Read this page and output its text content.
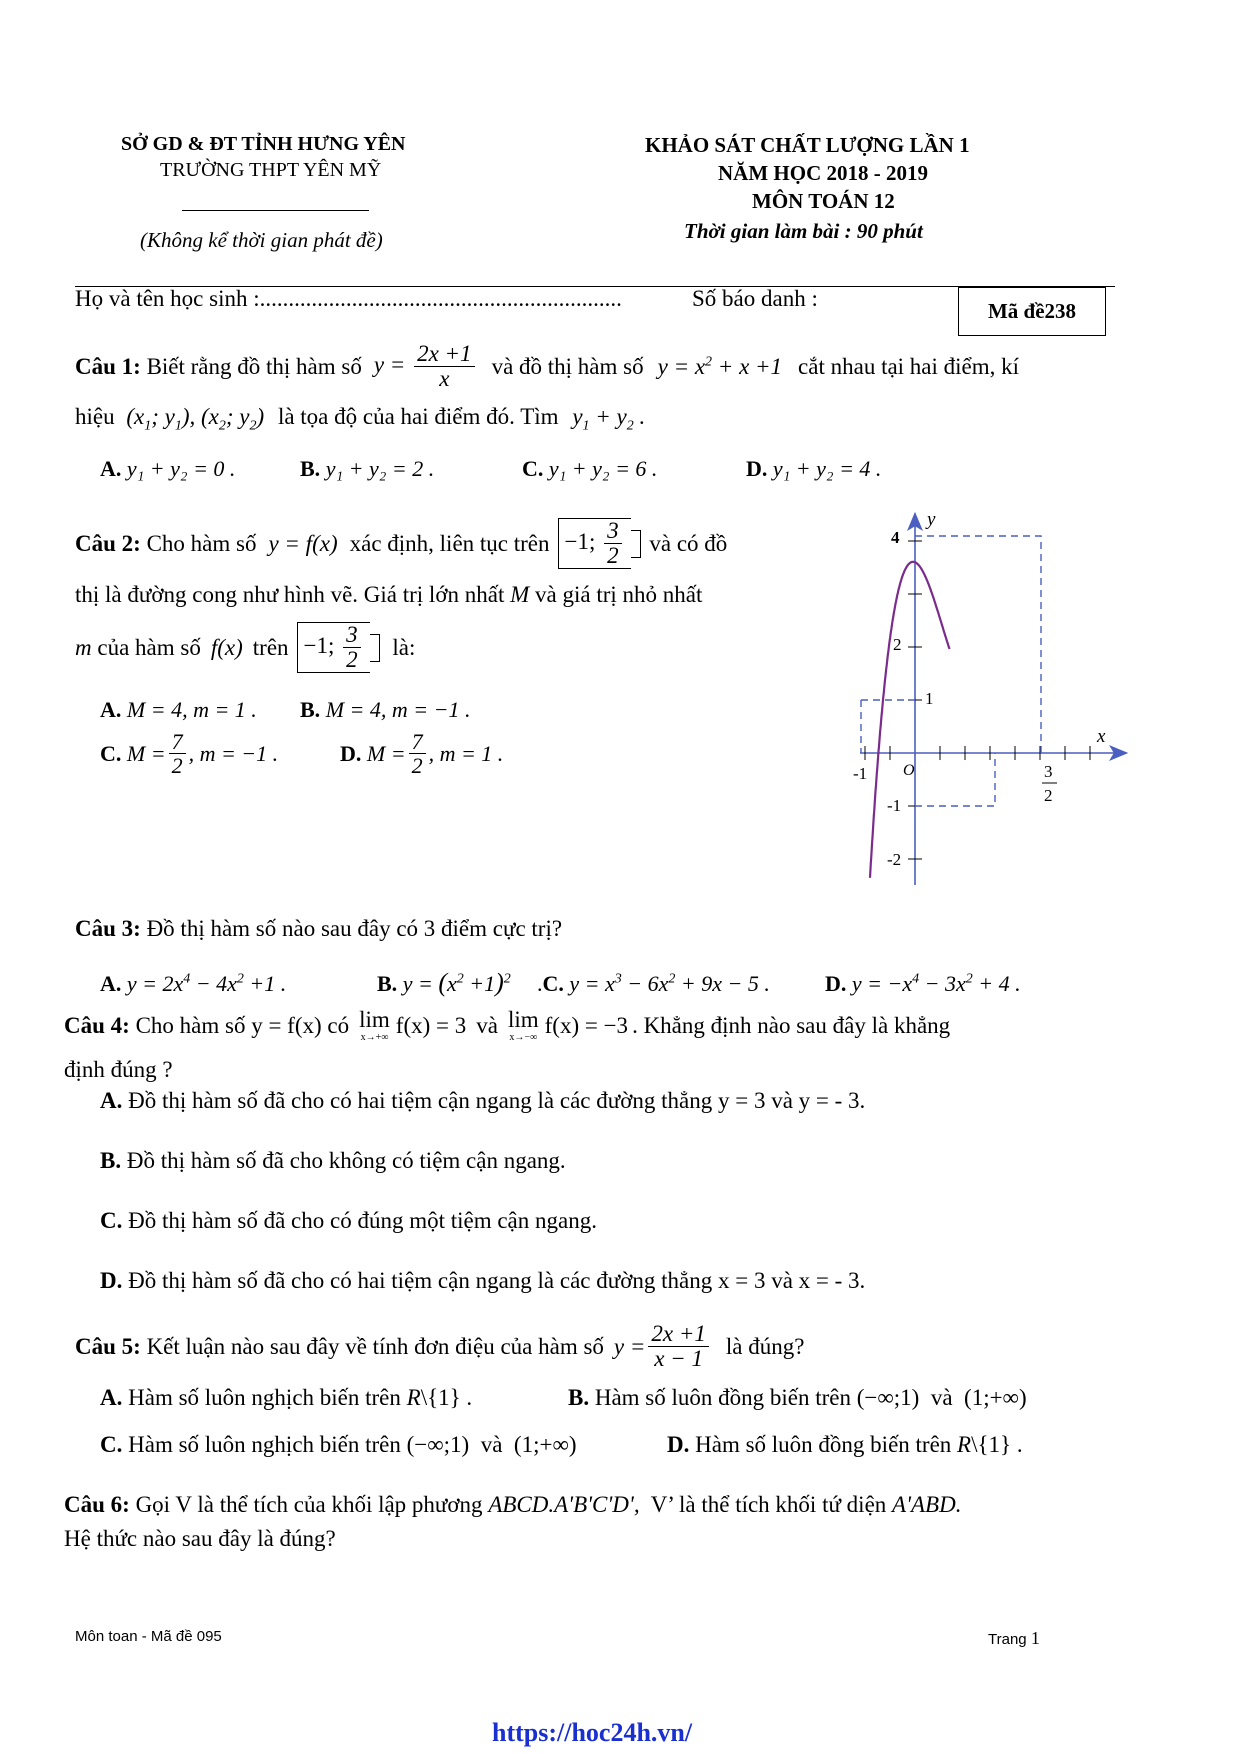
SỞ GD & ĐT TỈNH HƯNG YÊN
TRƯỜNG THPT YÊN MỸ
(Không kể thời gian phát đề)
KHẢO SÁT CHẤT LƯỢNG LẦN 1
NĂM HỌC 2018 - 2019
MÔN TOÁN 12
Thời gian làm bài : 90 phút
Họ và tên học sinh :...............................................................	Số báo danh :	Mã đề238
Câu 1:
Biết rằng đồ thị hàm số $y = \frac{2x +1}{x}$ và đồ thị hàm số $y = x^2 + x +1$ cắt nhau tại hai điểm, kí
hiệu ($x_1$; $y_1$), ($x_2$; $y_2$) là tọa độ của hai điểm đó. Tìm $y_1 + y_2$ .
A. y₁ + y₂ = 0 .	B. y₁ + y₂ = 2 .	C. y₁ + y₂ = 6 .	D. y₁ + y₂ = 4 .
Câu 2:
Cho hàm số y = f(x) xác định, liên tục trên −1; $\frac{3}{2}$
và có đồ
thị là đường cong như hình vẽ. Giá trị lớn nhất M và giá trị nhỏ nhất
m
của hàm số f(x) trên −1; $\frac{3}{2}$
là:
A. M = 4, m = 1 . B. M = 4, m = −1 .
C.
$M = \frac{7}{2}$ , m = −1 .	D.
$M = \frac{7}{2}$ , m = 1 .
x
y
O
4
2
1
-1
-2
-1	3
2
Câu 3: Đồ thị hàm số nào sau đây có 3 điểm cực trị?
A. $y = 2x^4 - 4x^2 +1$ .	B. $y = (x^2 +1)^2$ .C. $y = x^3 - 6x^2 + 9x - 5$ .	D. $y = -x^4 - 3x^2 + 4$ .
Câu 4:
Cho hàm số y = f(x) có lim
x→+∞ f(x) = 3 và lim
x→−∞ f(x) = −3 . Khẳng định nào sau đây là khẳng
định đúng ?
A. Đồ thị hàm số đã cho có hai tiệm cận ngang là các đường thẳng y = 3 và y = - 3.
B. Đồ thị hàm số đã cho không có tiệm cận ngang.
C. Đồ thị hàm số đã cho có đúng một tiệm cận ngang.
D. Đồ thị hàm số đã cho có hai tiệm cận ngang là các đường thẳng x = 3 và x = - 3.
Câu 5:
Kết luận nào sau đây về tính đơn điệu của hàm số $y = \frac{2x +1}{x - 1}$ là đúng?
A. Hàm số luôn nghịch biến trên R\{1} .	B. Hàm số luôn đồng biến trên (−∞;1)  và  (1;+∞)
C. Hàm số luôn nghịch biến trên (−∞;1)  và  (1;+∞)	D. Hàm số luôn đồng biến trên R\{1} .
Câu 6: Gọi V là thể tích của khối lập phương ABCD.A'B'C'D', V’ là thể tích khối tứ diện A'ABD.
Hệ thức nào sau đây là đúng?
Môn toan - Mã đề 095	Trang 1
https://hoc24h.vn/
